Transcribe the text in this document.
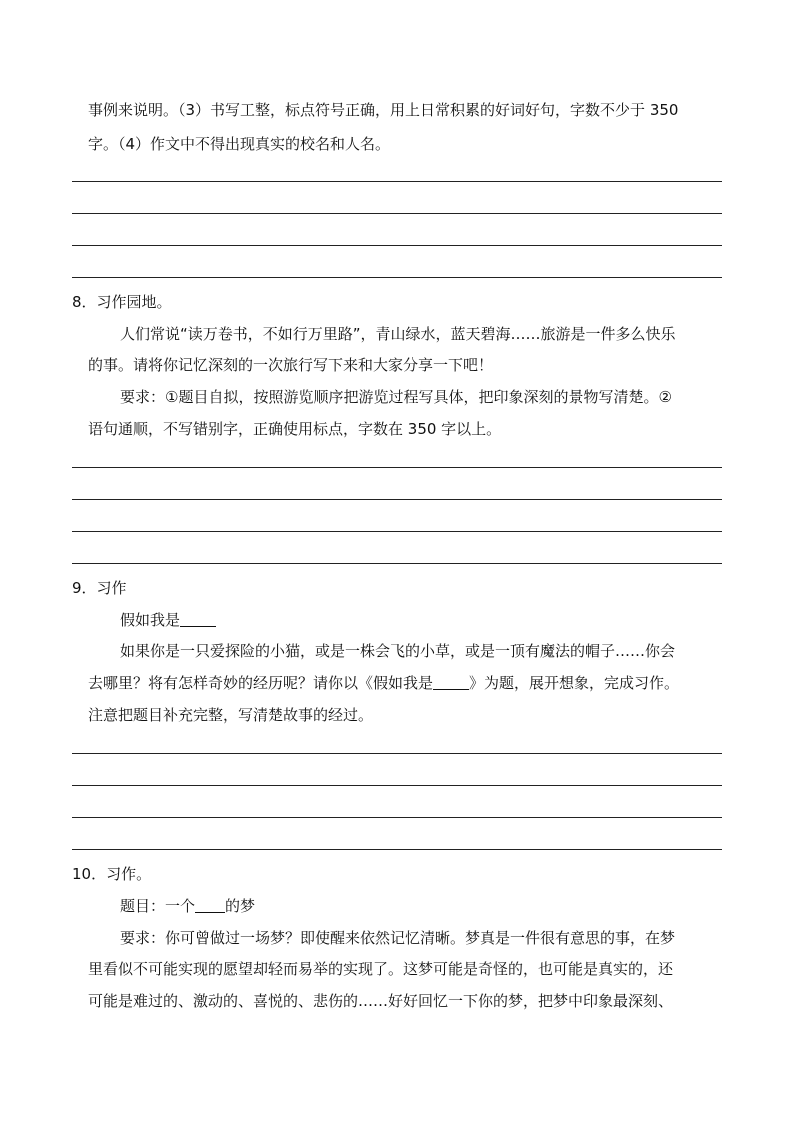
事例来说明。（3）书写工整，标点符号正确，用上日常积累的好词好句，字数不少于 350
字。（4）作文中不得出现真实的校名和人名。
8．习作园地。
人们常说“读万卷书，不如行万里路”，青山绿水，蓝天碧海……旅游是一件多么快乐
的事。请将你记忆深刻的一次旅行写下来和大家分享一下吧！
要求：①题目自拟，按照游览顺序把游览过程写具体，把印象深刻的景物写清楚。②
语句通顺，不写错别字，正确使用标点，字数在 350 字以上。
9．习作
假如我是
如果你是一只爱探险的小猫，或是一株会飞的小草，或是一顶有魔法的帽子……你会
去哪里？将有怎样奇妙的经历呢？请你以《假如我是 》为题，展开想象，完成习作。
注意把题目补充完整，写清楚故事的经过。
10．习作。
题目：一个 的梦
要求：你可曾做过一场梦？即使醒来依然记忆清晰。梦真是一件很有意思的事，在梦
里看似不可能实现的愿望却轻而易举的实现了。这梦可能是奇怪的，也可能是真实的，还
可能是难过的、激动的、喜悦的、悲伤的……好好回忆一下你的梦，把梦中印象最深刻、
